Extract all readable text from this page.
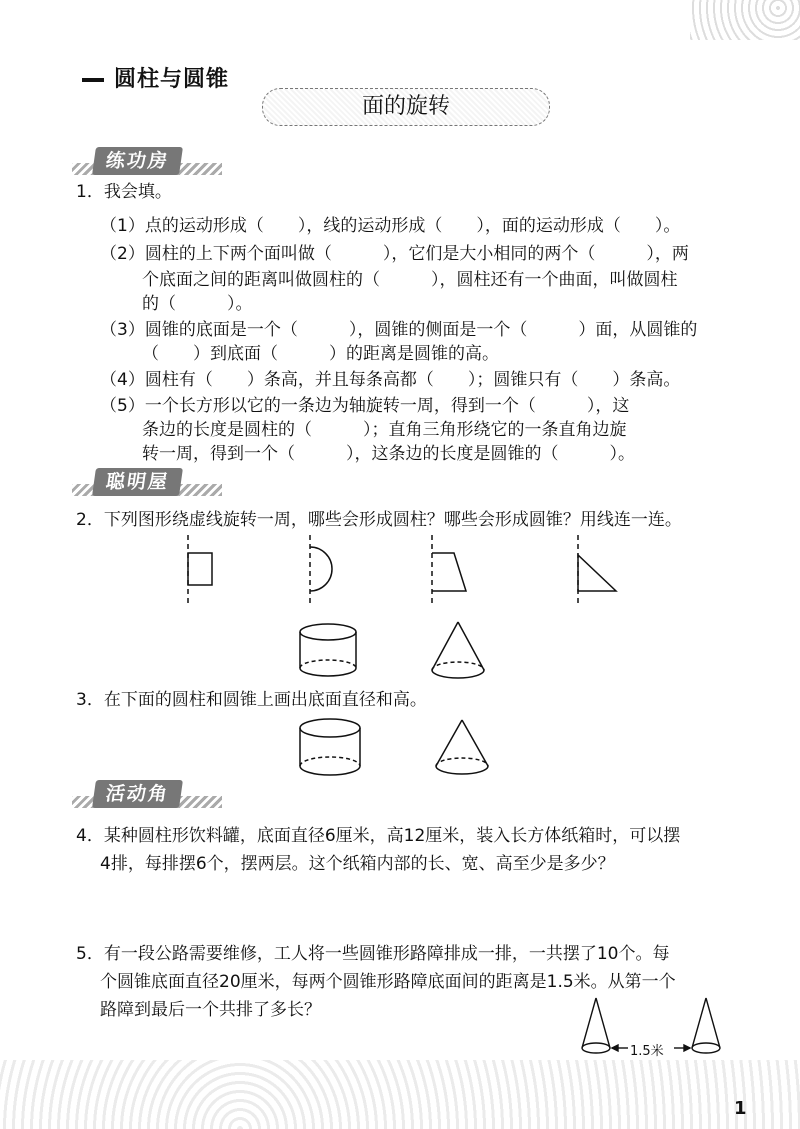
圆柱与圆锥
面的旋转
练功房
1．我会填。
（1）点的运动形成（　　），线的运动形成（　　），面的运动形成（　　）。
（2）圆柱的上下两个面叫做（　　　），它们是大小相同的两个（　　　），两
个底面之间的距离叫做圆柱的（　　　），圆柱还有一个曲面，叫做圆柱
的（　　　）。
（3）圆锥的底面是一个（　　　），圆锥的侧面是一个（　　　）面，从圆锥的
（　　）到底面（　　　）的距离是圆锥的高。
（4）圆柱有（　　）条高，并且每条高都（　　）；圆锥只有（　　）条高。
（5）一个长方形以它的一条边为轴旋转一周，得到一个（　　　），这
条边的长度是圆柱的（　　　）；直角三角形绕它的一条直角边旋
转一周，得到一个（　　　），这条边的长度是圆锥的（　　　）。
聪明屋
2．下列图形绕虚线旋转一周，哪些会形成圆柱？哪些会形成圆锥？用线连一连。
3．在下面的圆柱和圆锥上画出底面直径和高。
活动角
4．某种圆柱形饮料罐，底面直径6厘米，高12厘米，装入长方体纸箱时，可以摆
4排，每排摆6个，摆两层。这个纸箱内部的长、宽、高至少是多少？
5．有一段公路需要维修，工人将一些圆锥形路障排成一排，一共摆了10个。每
个圆锥底面直径20厘米，每两个圆锥形路障底面间的距离是1.5米。从第一个
路障到最后一个共排了多长？
1.5米
1
